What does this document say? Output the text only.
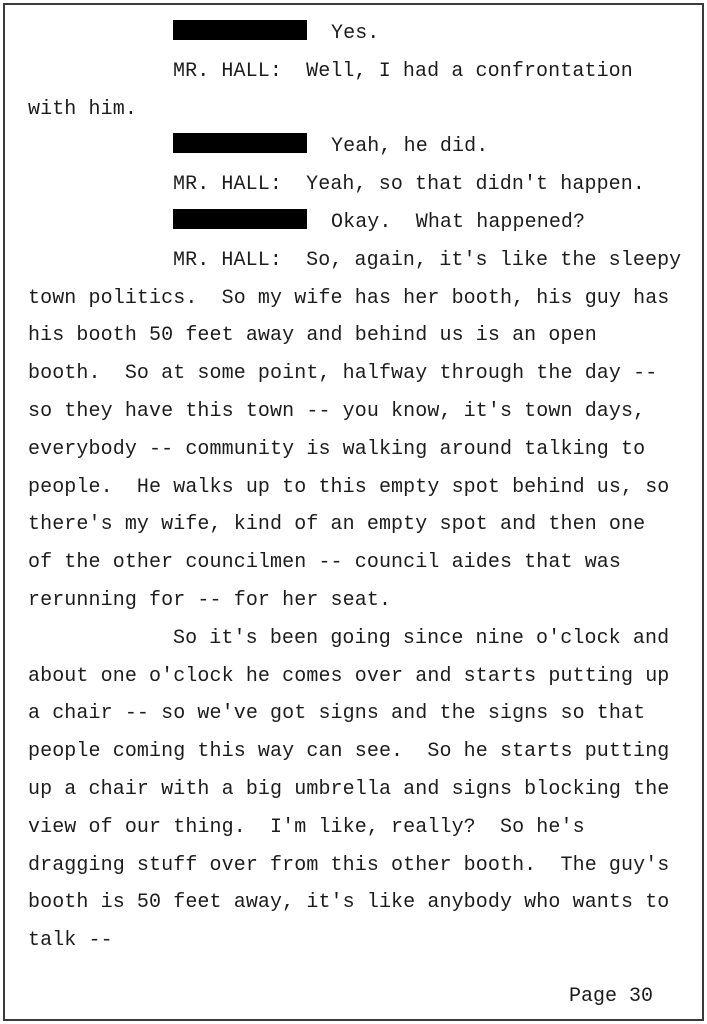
Yes.
MR. HALL:  Well, I had a confrontation
with him.
Yeah, he did.
MR. HALL:  Yeah, so that didn't happen.
Okay.  What happened?
MR. HALL:  So, again, it's like the sleepy
town politics.  So my wife has her booth, his guy has
his booth 50 feet away and behind us is an open
booth.  So at some point, halfway through the day --
so they have this town -- you know, it's town days,
everybody -- community is walking around talking to
people.  He walks up to this empty spot behind us, so
there's my wife, kind of an empty spot and then one
of the other councilmen -- council aides that was
rerunning for -- for her seat.
So it's been going since nine o'clock and
about one o'clock he comes over and starts putting up
a chair -- so we've got signs and the signs so that
people coming this way can see.  So he starts putting
up a chair with a big umbrella and signs blocking the
view of our thing.  I'm like, really?  So he's
dragging stuff over from this other booth.  The guy's
booth is 50 feet away, it's like anybody who wants to
talk --
Page 30
